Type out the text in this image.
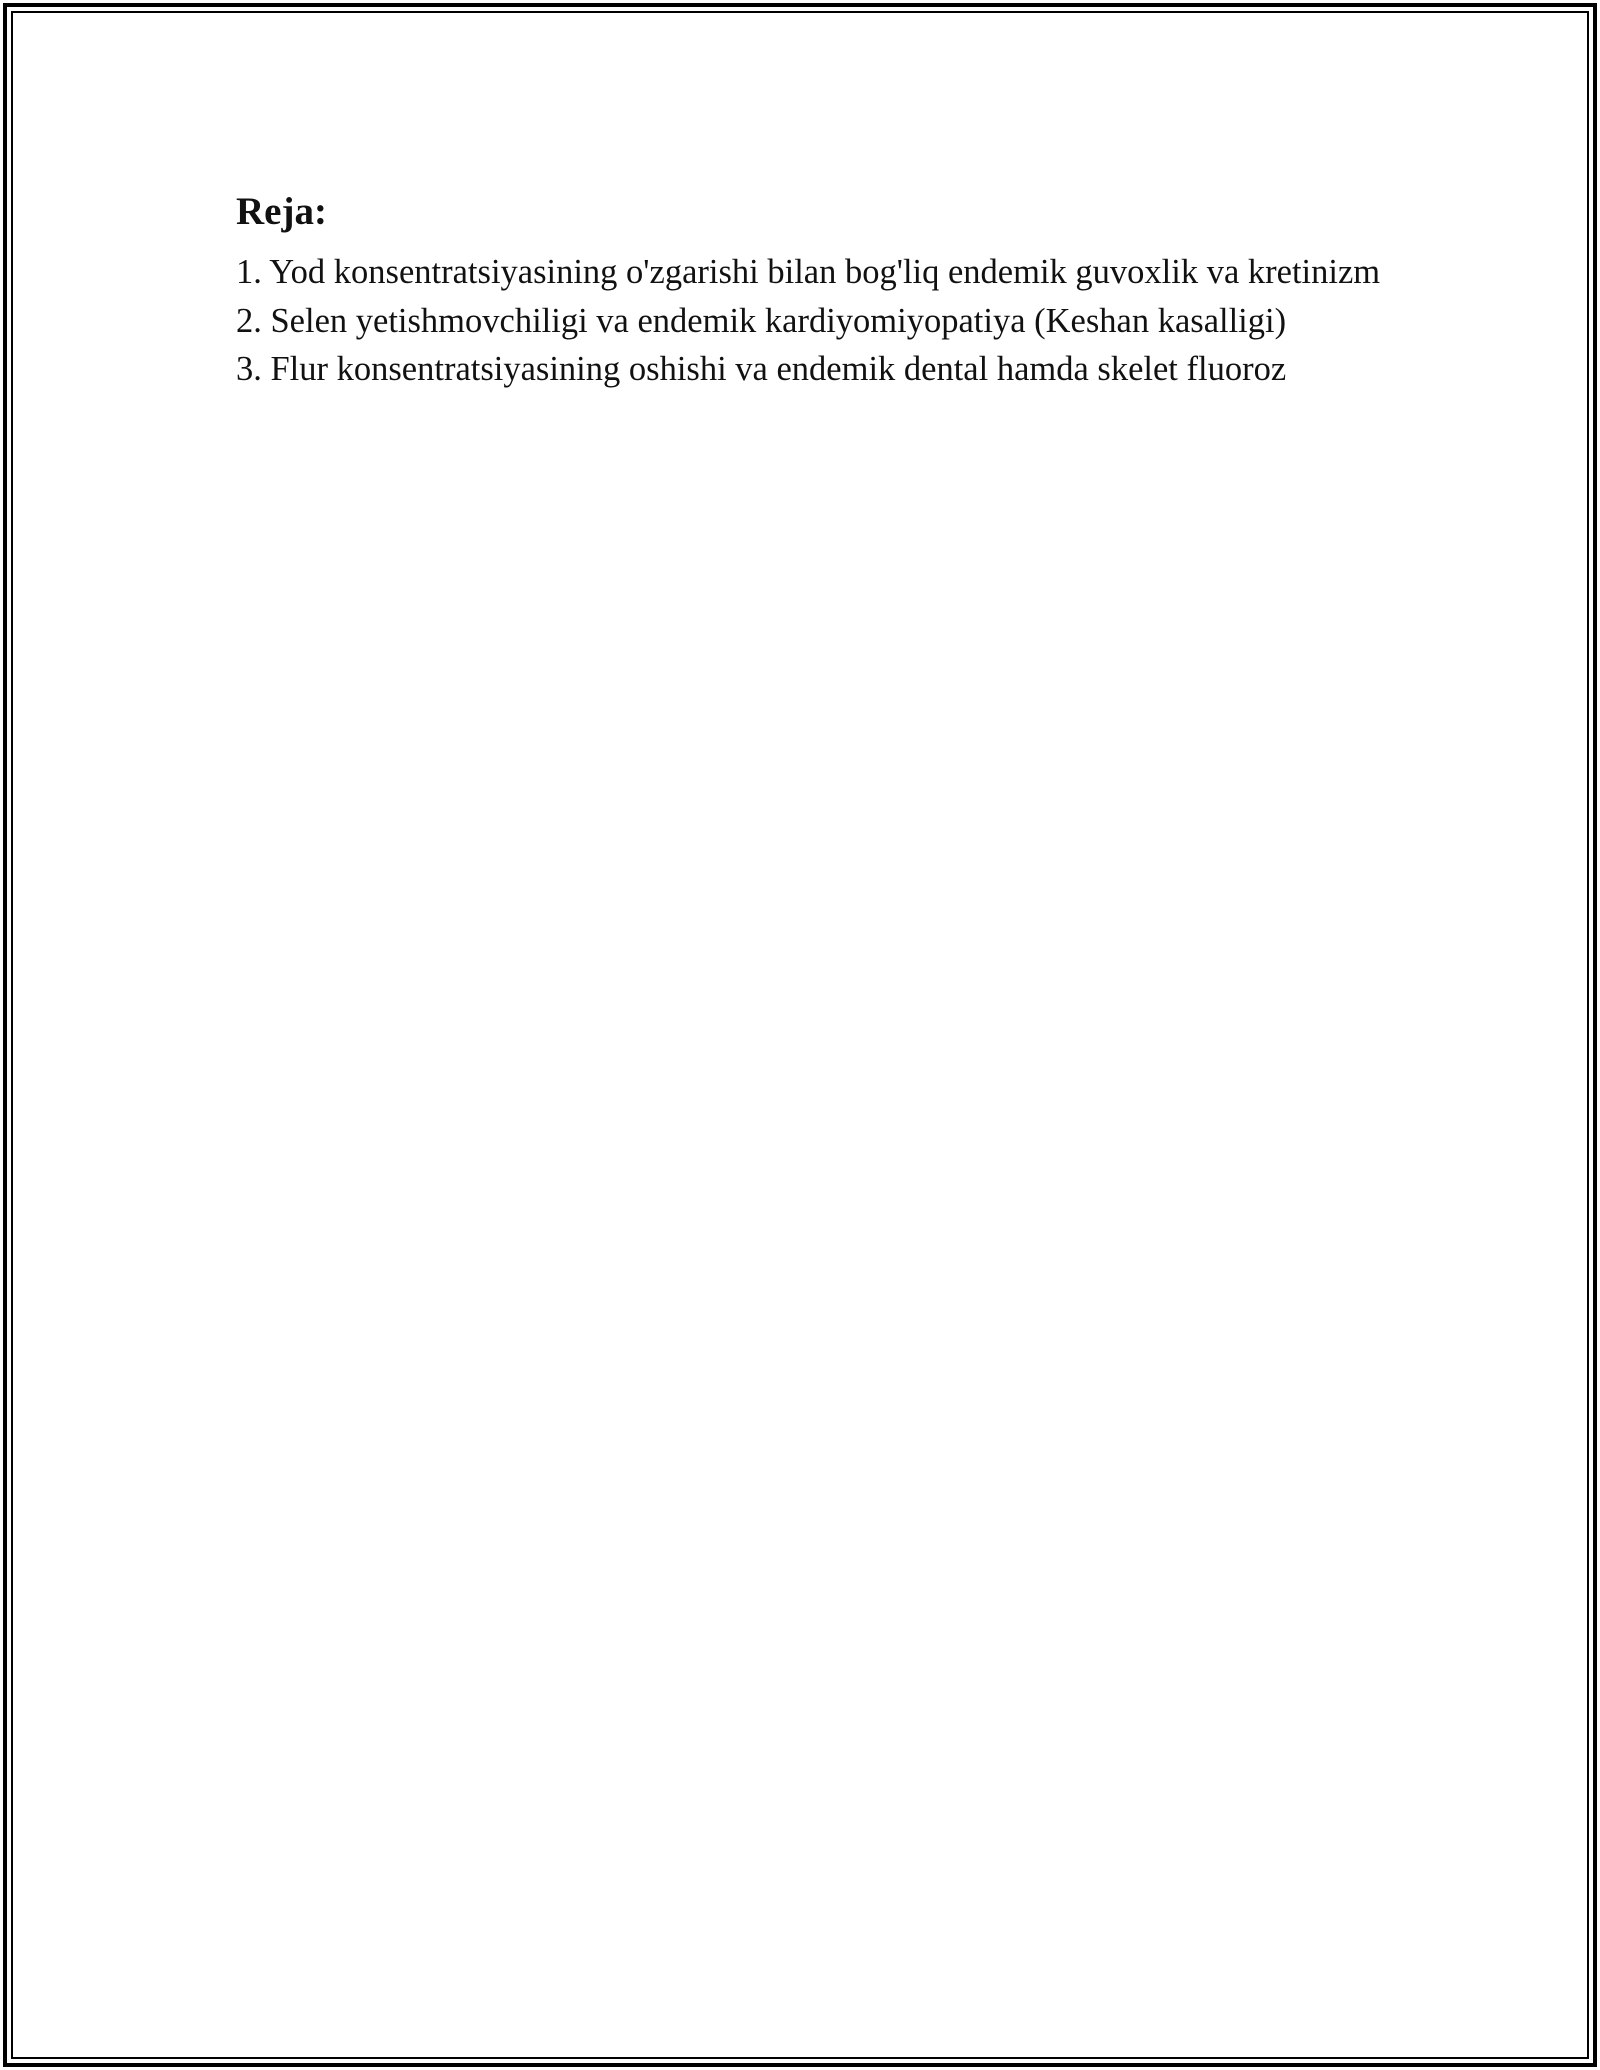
Reja:

1. Yod konsentratsiyasining o'zgarishi bilan bog'liq endemik guvoxlik va kretinizm

2. Selen yetishmovchiligi va endemik kardiyomiyopatiya (Keshan kasalligi)

3. Flur konsentratsiyasining oshishi va endemik dental hamda skelet fluoroz
